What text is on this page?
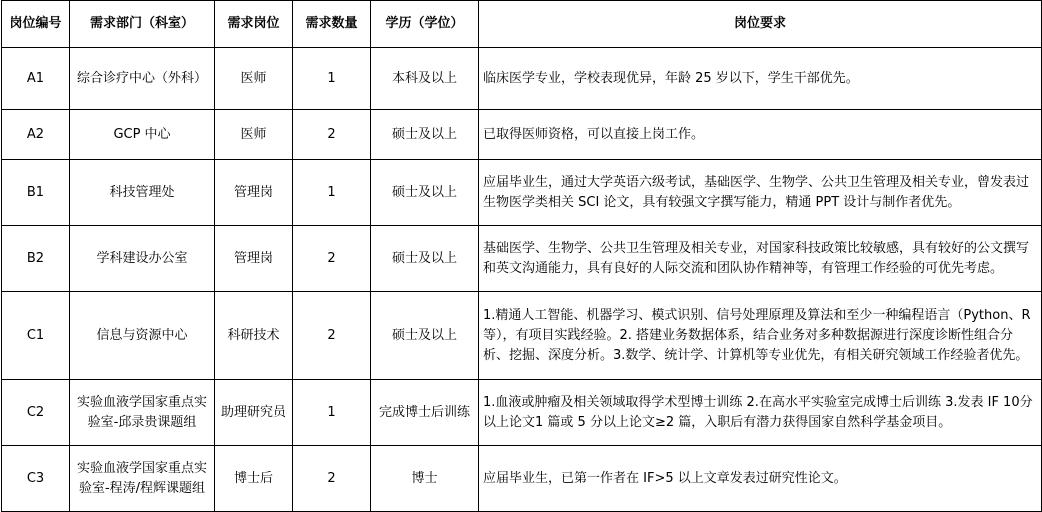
岗位编号	需求部门（科室）	需求岗位	需求数量	学历（学位）	岗位要求
A1	综合诊疗中心（外科）	医师	1	本科及以上	临床医学专业，学校表现优异，年龄 25 岁以下，学生干部优先。
A2	GCP 中心	医师	2	硕士及以上	已取得医师资格，可以直接上岗工作。
B1	科技管理处	管理岗	1	硕士及以上	应届毕业生，通过大学英语六级考试，基础医学、生物学、公共卫生管理及相关专业，曾发表过生物医学类相关 SCI 论文，具有较强文字撰写能力，精通 PPT 设计与制作者优先。
B2	学科建设办公室	管理岗	2	硕士及以上	基础医学、生物学、公共卫生管理及相关专业，对国家科技政策比较敏感，具有较好的公文撰写和英文沟通能力，具有良好的人际交流和团队协作精神等，有管理工作经验的可优先考虑。
C1	信息与资源中心	科研技术	2	硕士及以上	1.精通人工智能、机器学习、模式识别、信号处理原理及算法和至少一种编程语言（Python、R 等），有项目实践经验。2. 搭建业务数据体系，结合业务对多种数据源进行深度诊断性组合分析、挖掘、深度分析。3.数学、统计学、计算机等专业优先，有相关研究领域工作经验者优先。
C2	实验血液学国家重点实验室-邱录贵课题组	助理研究员	1	完成博士后训练	1.血液或肿瘤及相关领域取得学术型博士训练 2.在高水平实验室完成博士后训练 3.发表 IF 10分以上论文1 篇或 5 分以上论文≥2 篇，入职后有潜力获得国家自然科学基金项目。
C3	实验血液学国家重点实验室-程涛/程辉课题组	博士后	2	博士	应届毕业生，已第一作者在 IF>5 以上文章发表过研究性论文。
